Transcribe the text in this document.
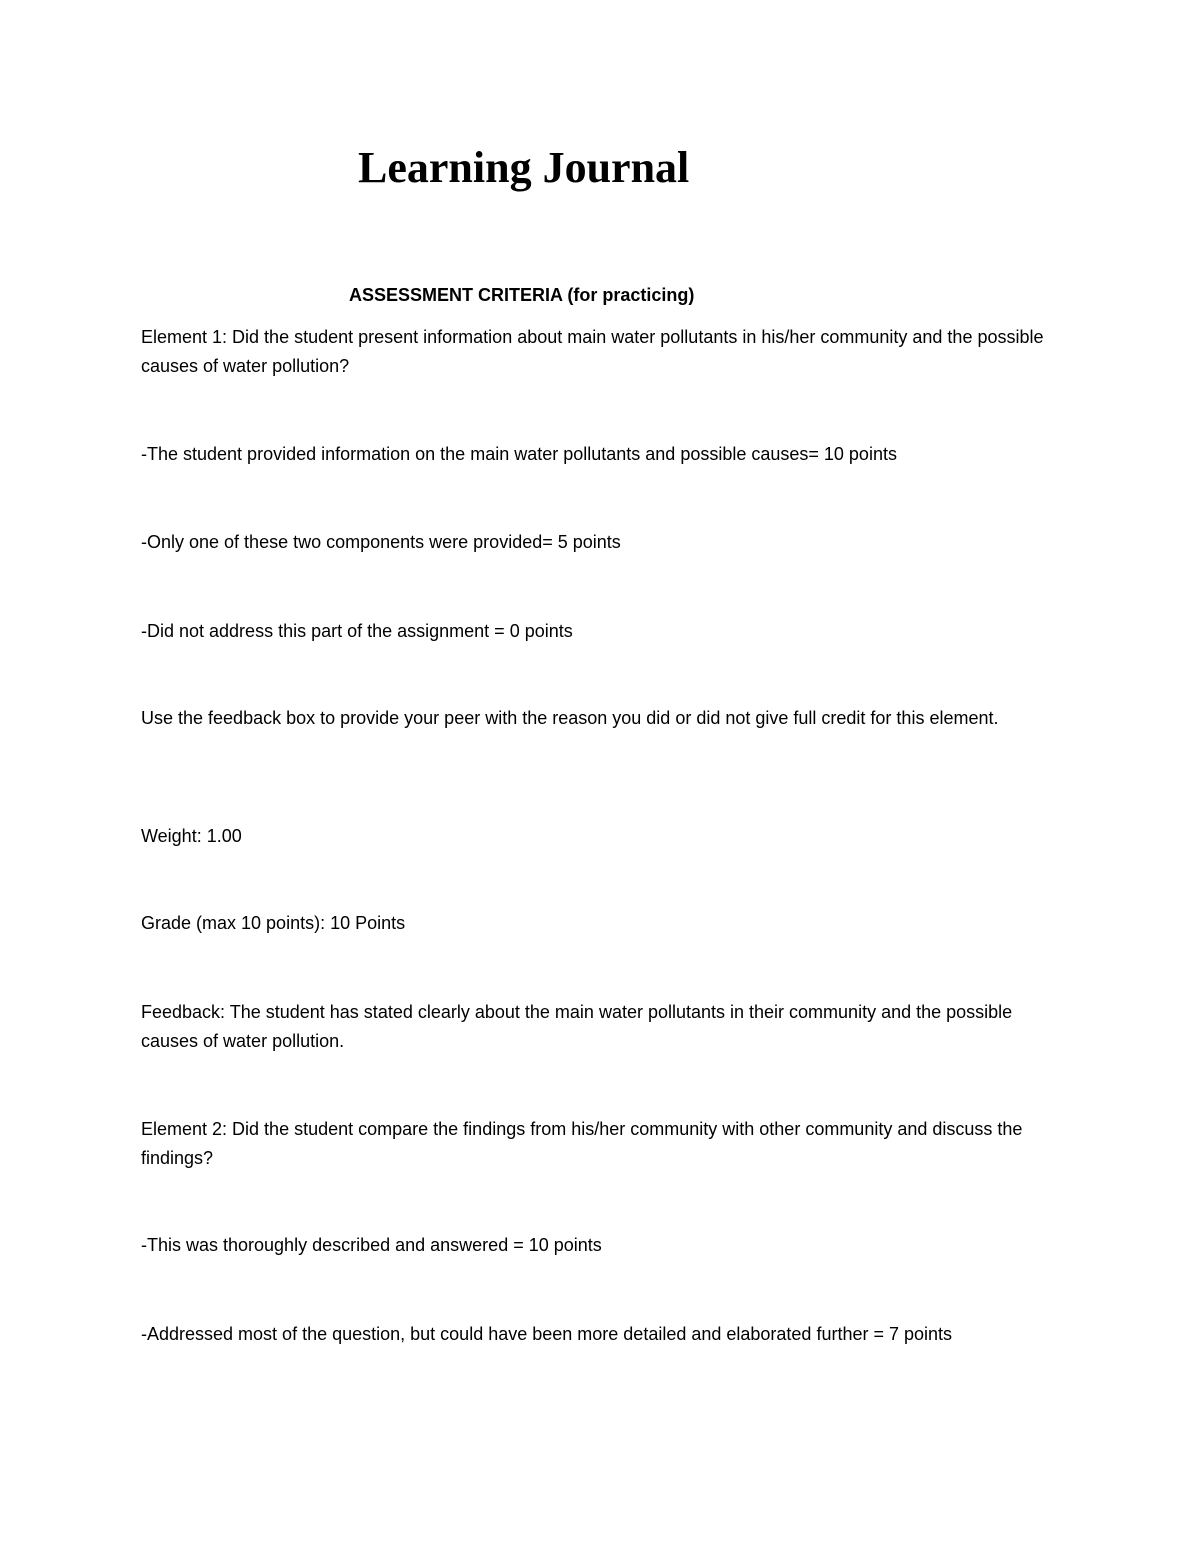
Learning Journal

ASSESSMENT CRITERIA (for practicing)

Element 1: Did the student present information about main water pollutants in his/her community and the possible causes of water pollution?

-The student provided information on the main water pollutants and possible causes= 10 points

-Only one of these two components were provided= 5 points

-Did not address this part of the assignment = 0 points

Use the feedback box to provide your peer with the reason you did or did not give full credit for this element.

Weight: 1.00

Grade (max 10 points): 10 Points

Feedback: The student has stated clearly about the main water pollutants in their community and the possible causes of water pollution.

Element 2: Did the student compare the findings from his/her community with other community and discuss the findings?

-This was thoroughly described and answered = 10 points

-Addressed most of the question, but could have been more detailed and elaborated further = 7 points
